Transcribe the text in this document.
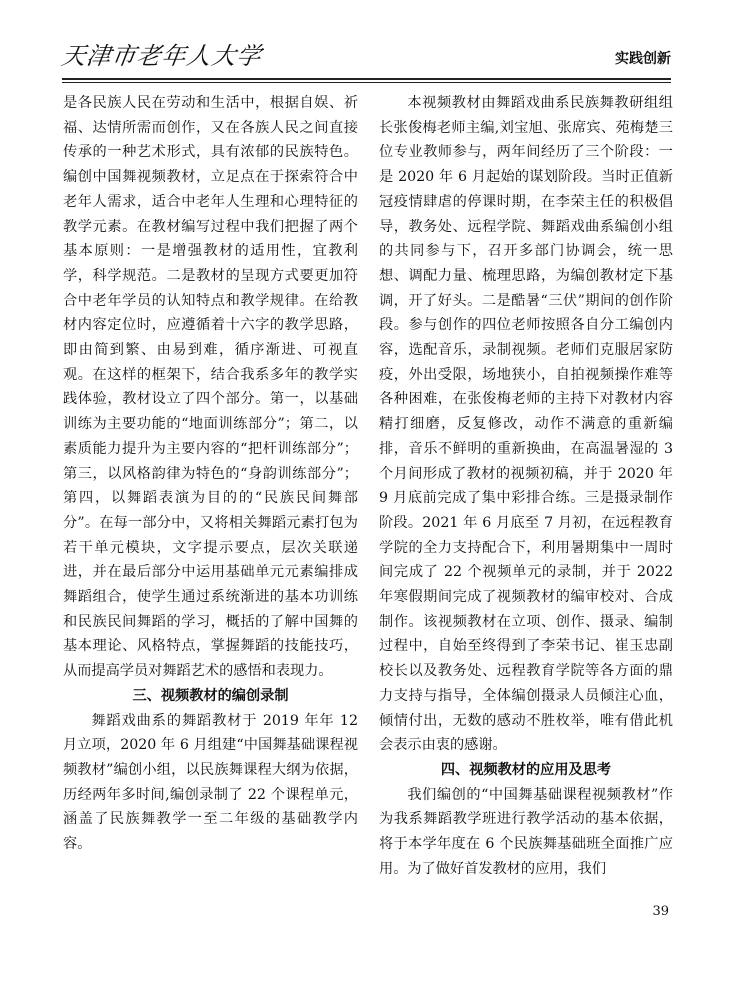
天津市老年人大学	实践创新

是各民族人民在劳动和生活中，根据自娱、祈福、达情所需而创作，又在各族人民之间直接传承的一种艺术形式，具有浓郁的民族特色。编创中国舞视频教材，立足点在于探索符合中老年人需求，适合中老年人生理和心理特征的教学元素。在教材编写过程中我们把握了两个基本原则：一是增强教材的适用性，宜教利学，科学规范。二是教材的呈现方式要更加符合中老年学员的认知特点和教学规律。在给教材内容定位时，应遵循着十六字的教学思路，即由简到繁、由易到难，循序渐进、可视直观。在这样的框架下，结合我系多年的教学实践体验，教材设立了四个部分。第一，以基础训练为主要功能的“地面训练部分”；第二，以素质能力提升为主要内容的“把杆训练部分”；第三，以风格韵律为特色的“身韵训练部分”；第四，以舞蹈表演为目的的“民族民间舞部分”。在每一部分中，又将相关舞蹈元素打包为若干单元模块，文字提示要点，层次关联递进，并在最后部分中运用基础单元元素编排成舞蹈组合，使学生通过系统渐进的基本功训练和民族民间舞蹈的学习，概括的了解中国舞的基本理论、风格特点，掌握舞蹈的技能技巧，从而提高学员对舞蹈艺术的感悟和表现力。

三、视频教材的编创录制

舞蹈戏曲系的舞蹈教材于 2019 年年 12 月立项，2020 年 6 月组建“中国舞基础课程视频教材”编创小组，以民族舞课程大纲为依据，历经两年多时间,编创录制了 22 个课程单元，涵盖了民族舞教学一至二年级的基础教学内容。

本视频教材由舞蹈戏曲系民族舞教研组组长张俊梅老师主编,刘宝旭、张席宾、苑梅楚三位专业教师参与，两年间经历了三个阶段：一是 2020 年 6 月起始的谋划阶段。当时正值新冠疫情肆虐的停课时期，在李荣主任的积极倡导，教务处、远程学院、舞蹈戏曲系编创小组的共同参与下，召开多部门协调会，统一思想、调配力量、梳理思路，为编创教材定下基调，开了好头。二是酷暑“三伏”期间的创作阶段。参与创作的四位老师按照各自分工编创内容，选配音乐，录制视频。老师们克服居家防疫，外出受限，场地狭小，自拍视频操作难等各种困难，在张俊梅老师的主持下对教材内容精打细磨，反复修改，动作不满意的重新编排，音乐不鲜明的重新换曲，在高温暑湿的 3 个月间形成了教材的视频初稿，并于 2020 年 9 月底前完成了集中彩排合练。三是摄录制作阶段。2021 年 6 月底至 7 月初，在远程教育学院的全力支持配合下，利用暑期集中一周时间完成了 22 个视频单元的录制，并于 2022 年寒假期间完成了视频教材的编审校对、合成制作。该视频教材在立项、创作、摄录、编制过程中，自始至终得到了李荣书记、崔玉忠副校长以及教务处、远程教育学院等各方面的鼎力支持与指导，全体编创摄录人员倾注心血，倾情付出，无数的感动不胜枚举，唯有借此机会表示由衷的感谢。

四、视频教材的应用及思考

我们编创的“中国舞基础课程视频教材”作为我系舞蹈教学班进行教学活动的基本依据，将于本学年度在 6 个民族舞基础班全面推广应用。为了做好首发教材的应用，我们

39
